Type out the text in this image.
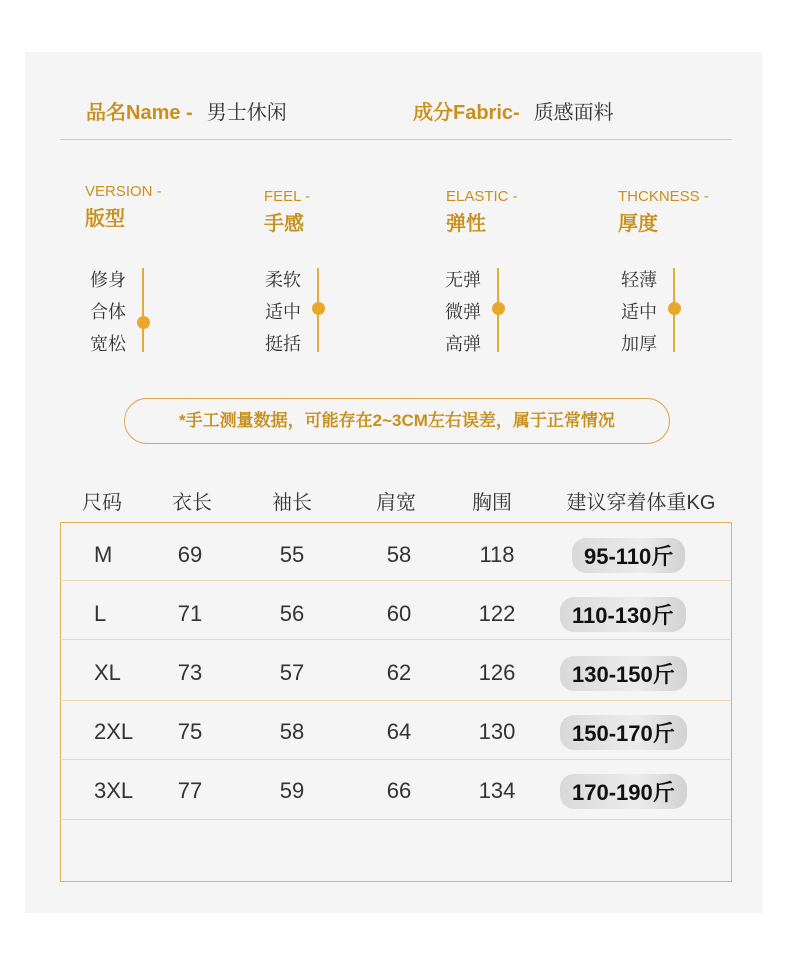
品名Name - 男士休闲	成分Fabric- 质感面料
VERSION -
版型
FEEL -
手感
ELASTIC -
弹性
THCKNESS -
厚度
修身
合体
宽松
柔软
适中
挺括
无弹
微弹
高弹
轻薄
适中
加厚
*手工测量数据，可能存在2~3CM左右误差，属于正常情况
尺码	衣长	袖长	肩宽	胸围	建议穿着体重KG
M	69	55	58	118	95-110斤
L	71	56	60	122	110-130斤
XL	73	57	62	126	130-150斤
2XL	75	58	64	130	150-170斤
3XL	77	59	66	134	170-190斤
